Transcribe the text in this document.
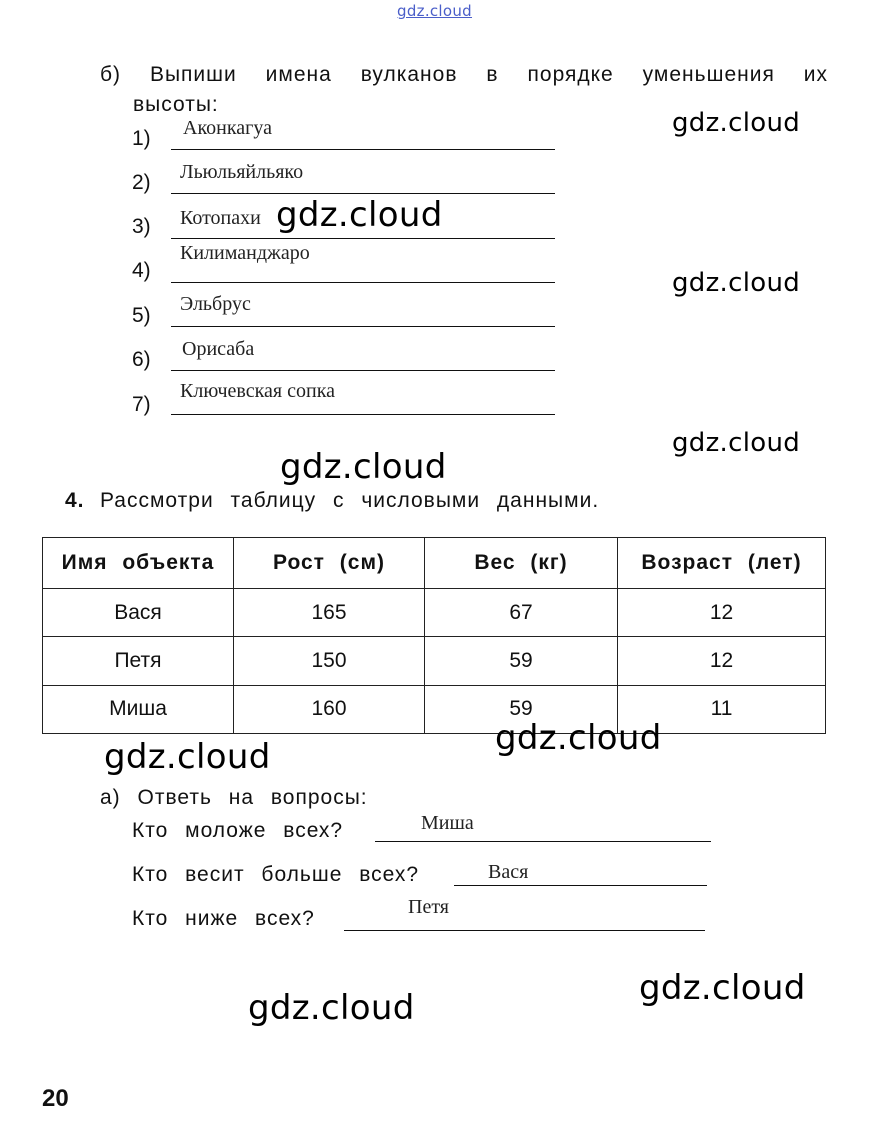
gdz.cloud
б) Выпиши имена вулканов в порядке уменьшения их
высоты:
1) Аконкагуа
2) Льюльяйльяко
3) Котопахи
4)
Килиманджаро
5) Эльбрус
6) Орисаба
7)
Ключевская сопка
gdz.cloud
gdz.cloud
gdz.cloud
gdz.cloud
gdz.cloud
4. Рассмотри таблицу с числовыми данными.
Имя объекта	Рост (см)	Вес (кг)	Возраст (лет)
Вася	165	67	12
Петя	150	59	12
Миша	160	59	11
gdz.cloud
gdz.cloud
а) Ответь на вопросы:
Кто моложе всех?	Миша
Кто весит больше всех?	Вася
Кто ниже всех?	Петя
gdz.cloud
gdz.cloud
20
